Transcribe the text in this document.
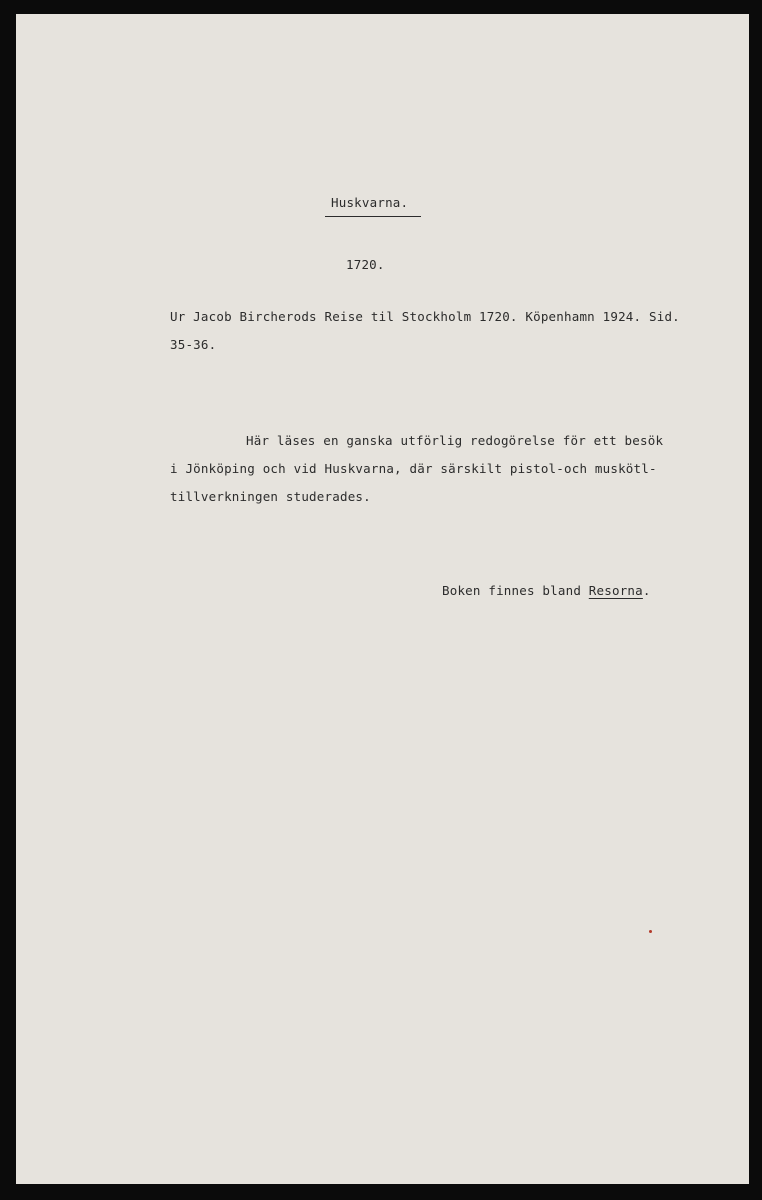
Huskvarna.
1720.
Ur Jacob Bircherods Reise til Stockholm 1720. Köpenhamn 1924. Sid.
35-36.
Här läses en ganska utförlig redogörelse för ett besök
i Jönköping och vid Huskvarna, där särskilt pistol-och muskötl-
tillverkningen studerades.
Boken finnes bland Resorna.
